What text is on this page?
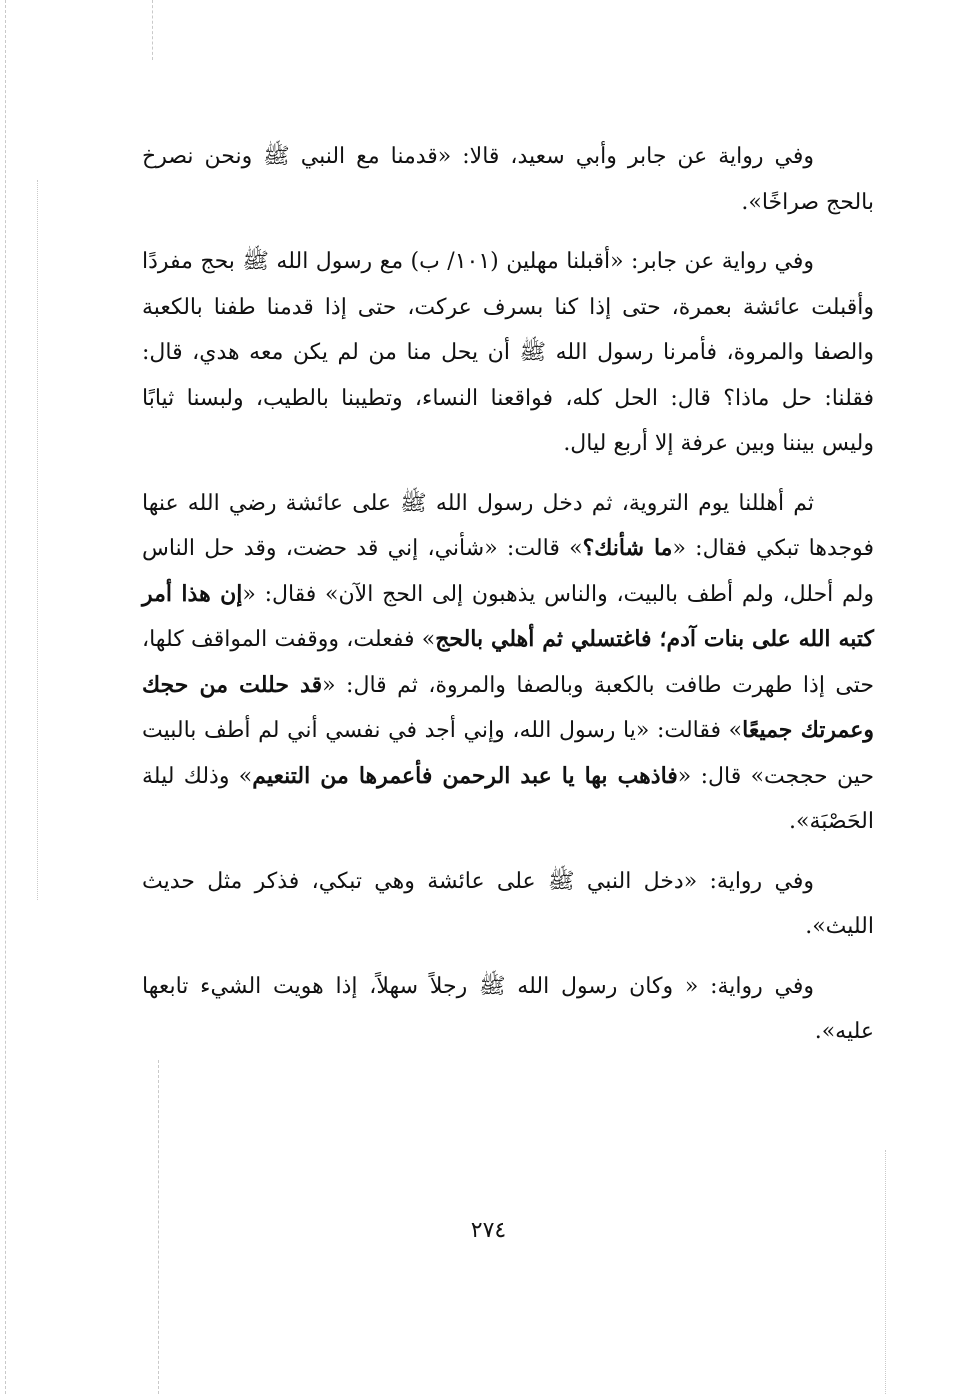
وفي رواية عن جابر وأبي سعيد، قالا: «قدمنا مع النبي ﷺ ونحن نصرخ بالحج صراخًا».

وفي رواية عن جابر: «أقبلنا مهلين (١٠١/ ب) مع رسول الله ﷺ بحج مفردًا وأقبلت عائشة بعمرة، حتى إذا كنا بسرف عركت، حتى إذا قدمنا طفنا بالكعبة والصفا والمروة، فأمرنا رسول الله ﷺ أن يحل منا من لم يكن معه هدي، قال: فقلنا: حل ماذا؟ قال: الحل كله، فواقعنا النساء، وتطيبنا بالطيب، ولبسنا ثيابًا وليس بيننا وبين عرفة إلا أربع ليال.

ثم أهللنا يوم التروية، ثم دخل رسول الله ﷺ على عائشة رضي الله عنها فوجدها تبكي فقال: «ما شأنك؟» قالت: «شأني، إني قد حضت، وقد حل الناس ولم أحلل، ولم أطف بالبيت، والناس يذهبون إلى الحج الآن» فقال: «إن هذا أمر كتبه الله على بنات آدم؛ فاغتسلي ثم أهلي بالحج» ففعلت، ووقفت المواقف كلها، حتى إذا طهرت طافت بالكعبة وبالصفا والمروة، ثم قال: «قد حللت من حجك وعمرتك جميعًا» فقالت: «يا رسول الله، وإني أجد في نفسي أني لم أطف بالبيت حين حججت» قال: «فاذهب بها يا عبد الرحمن فأعمرها من التنعيم» وذلك ليلة الحَصْبَة».

وفي رواية: «دخل النبي ﷺ على عائشة وهي تبكي، فذكر مثل حديث الليث».

وفي رواية: « وكان رسول الله ﷺ رجلاً سهلاً، إذا هويت الشيء تابعها عليه».

٢٧٤
